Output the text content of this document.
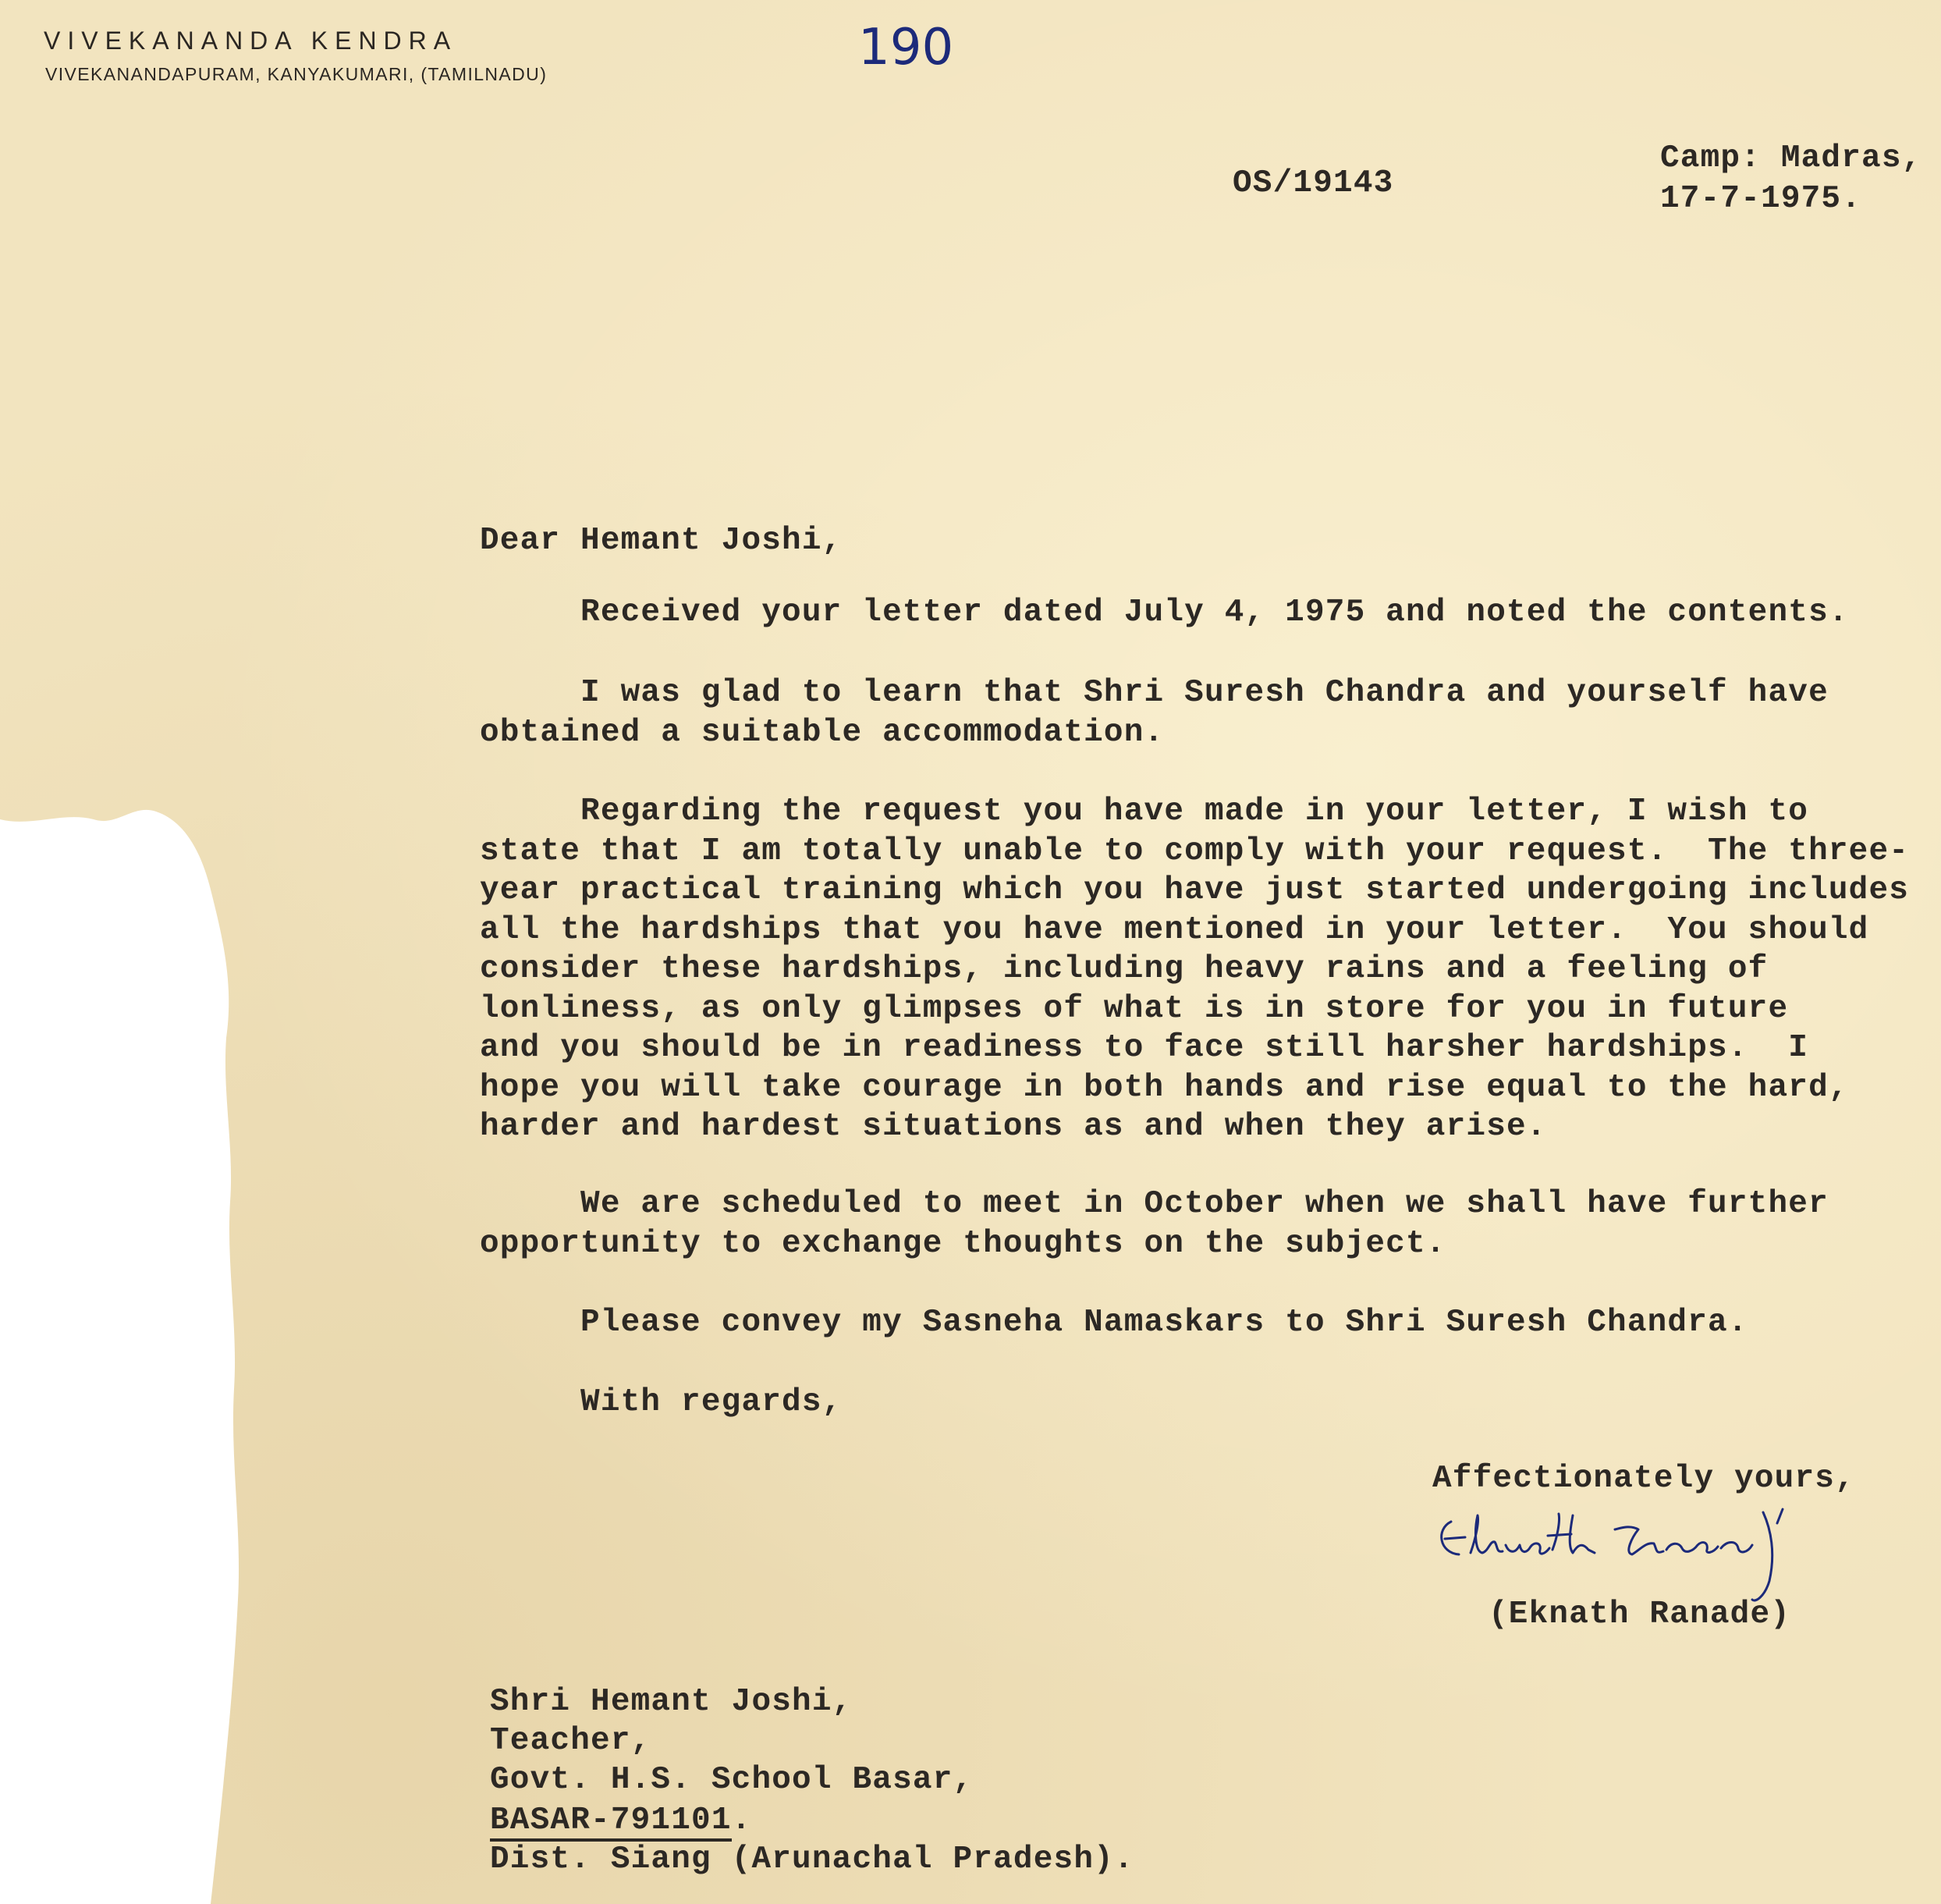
VIVEKANANDA KENDRA
VIVEKANANDAPURAM, KANYAKUMARI, (TAMILNADU)	190
OS/19143
Camp: Madras,
17-7-1975.
Dear Hemant Joshi,
Received your letter dated July 4, 1975 and noted the contents.
I was glad to learn that Shri Suresh Chandra and yourself have
obtained a suitable accommodation.
Regarding the request you have made in your letter, I wish to
state that I am totally unable to comply with your request.  The three-
year practical training which you have just started undergoing includes
all the hardships that you have mentioned in your letter.  You should
consider these hardships, including heavy rains and a feeling of
lonliness, as only glimpses of what is in store for you in future
and you should be in readiness to face still harsher hardships.  I
hope you will take courage in both hands and rise equal to the hard,
harder and hardest situations as and when they arise.
We are scheduled to meet in October when we shall have further
opportunity to exchange thoughts on the subject.
Please convey my Sasneha Namaskars to Shri Suresh Chandra.
With regards,
Affectionately yours,
(Eknath Ranade)
Shri Hemant Joshi,
Teacher,
Govt. H.S. School Basar,
BASAR-791101.
Dist. Siang (Arunachal Pradesh).
